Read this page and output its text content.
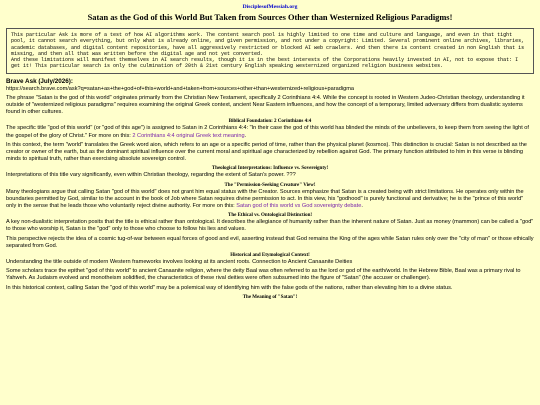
DisciplesofMessiah.org
Satan as the God of this World But Taken from Sources Other than Westernized Religious Paradigms!

This particular Ask is more of a test of how AI algorithms work. The content search pool is highly limited to one time and culture and language, and even in that tight pool, it cannot search everything, but only what is already online, and given permission, and not under a copyright: Limited. Several prominent online archives, libraries, academic databases, and digital content repositories, have all aggressively restricted or blocked AI web crawlers. And then there is content created in non English that is missing, and then all that was written before the digital age and not yet converted.

And these limitations will manifest themselves in AI search results, though it is in the best interests of the Corporations heavily invested in AI, not to expose that: I get it! This particular search is only the culmination of 20th & 21st century English speaking westernized organized religion business websites.

Brave Ask (July/2026):
https://search.brave.com/ask?q=satan+as+the+god+of+this+world+and+taken+from+sources+other+than+westernized+religious+paradigma

The phrase "Satan is the god of this world" originates primarily from the Christian New Testament, specifically 2 Corinthians 4:4. While the concept is rooted in Western Judeo-Christian theology, understanding it outside of "westernized religious paradigms" requires examining the original Greek context, ancient Near Eastern influences, and how the concept of a temporary, limited adversary differs from dualistic systems found in other cultures.

Biblical Foundation: 2 Corinthians 4:4

The specific title "god of this world" (or "god of this age") is assigned to Satan in 2 Corinthians 4:4: "In their case the god of this world has blinded the minds of the unbelievers, to keep them from seeing the light of the gospel of the glory of Christ." For more on this: 2 Corinthians 4:4 original Greek text meaning.

In this context, the term "world" translates the Greek word aion, which refers to an age or a specific period of time, rather than the physical planet (kosmos). This distinction is crucial: Satan is not described as the creator or owner of the earth, but as the dominant spiritual influence over the current moral and spiritual age characterized by rebellion against God. The primary function attributed to him in this verse is blinding minds to spiritual truth, rather than exercising absolute sovereign control.

Theological Interpretations: Influence vs. Sovereignty!

Interpretations of this title vary significantly, even within Christian theology, regarding the extent of Satan's power. ???

The "Permission-Seeking Creature" View!

Many theologians argue that calling Satan "god of this world" does not grant him equal status with the Creator. Sources emphasize that Satan is a created being with strict limitations. He operates only within the boundaries permitted by God, similar to the account in the book of Job where Satan requires divine permission to act. In this view, his "godhood" is purely functional and derivative; he is the "prince of this world" only in the sense that he leads those who voluntarily reject divine authority. For more on this: Satan god of this world vs God sovereignty debate.

The Ethical vs. Ontological Distinction!

A key non-dualistic interpretation posits that the title is ethical rather than ontological. It describes the allegiance of humanity rather than the inherent nature of Satan. Just as money (mammon) can be called a "god" to those who worship it, Satan is the "god" only to those who choose to follow his lies and values.

This perspective rejects the idea of a cosmic tug-of-war between equal forces of good and evil, asserting instead that God remains the King of the ages while Satan rules only over the "city of man" or those ethically separated from God.

Historical and Etymological Context!

Understanding the title outside of modern Western frameworks involves looking at its ancient roots. Connection to Ancient Canaanite Deities

Some scholars trace the epithet "god of this world" to ancient Canaanite religion, where the deity Baal was often referred to as the lord or god of the earth/world. In the Hebrew Bible, Baal was a primary rival to Yahweh. As Judaism evolved and monotheism solidified, the characteristics of these rival deities were often subsumed into the figure of "Satan" (the accuser or challenger).

In this historical context, calling Satan the "god of this world" may be a polemical way of identifying him with the false gods of the nations, rather than elevating him to a divine status.

The Meaning of "Satan"!
